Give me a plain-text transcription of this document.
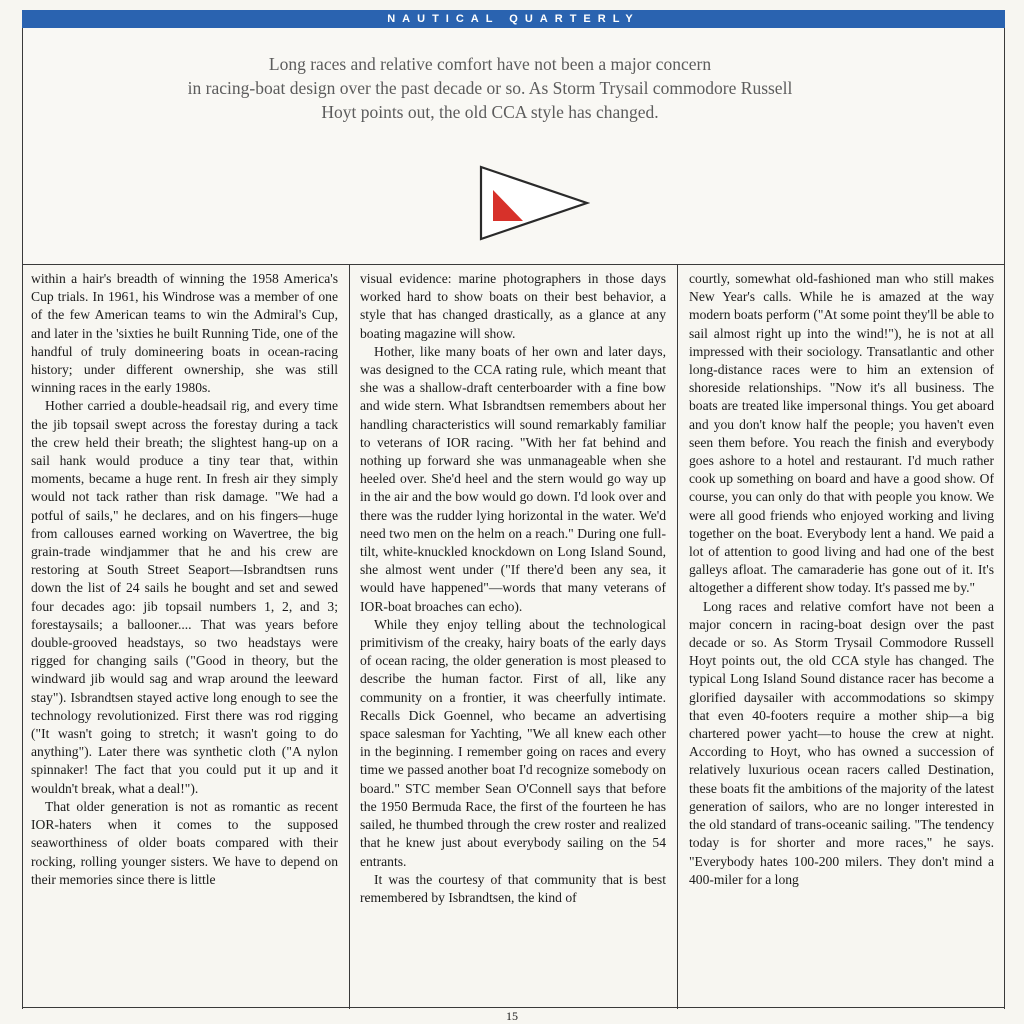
NAUTICAL QUARTERLY
Long races and relative comfort have not been a major concern
in racing-boat design over the past decade or so. As Storm Trysail commodore Russell
Hoyt points out, the old CCA style has changed.

within a hair's breadth of winning the 1958 America's Cup trials. In 1961, his Windrose was a member of one of the few American teams to win the Admiral's Cup, and later in the 'sixties he built Running Tide, one of the handful of truly domineering boats in ocean-racing history; under different ownership, she was still winning races in the early 1980s.

Hother carried a double-headsail rig, and every time the jib topsail swept across the forestay during a tack the crew held their breath; the slightest hang-up on a sail hank would produce a tiny tear that, within moments, became a huge rent. In fresh air they simply would not tack rather than risk damage. "We had a potful of sails," he declares, and on his fingers—huge from callouses earned working on Wavertree, the big grain-trade windjammer that he and his crew are restoring at South Street Seaport—Isbrandtsen runs down the list of 24 sails he bought and set and sewed four decades ago: jib topsail numbers 1, 2, and 3; forestaysails; a ballooner.... That was years before double-grooved headstays, so two headstays were rigged for changing sails ("Good in theory, but the windward jib would sag and wrap around the leeward stay"). Isbrandtsen stayed active long enough to see the technology revolutionized. First there was rod rigging ("It wasn't going to stretch; it wasn't going to do anything"). Later there was synthetic cloth ("A nylon spinnaker! The fact that you could put it up and it wouldn't break, what a deal!").

That older generation is not as romantic as recent IOR-haters when it comes to the supposed seaworthiness of older boats compared with their rocking, rolling younger sisters. We have to depend on their memories since there is little

visual evidence: marine photographers in those days worked hard to show boats on their best behavior, a style that has changed drastically, as a glance at any boating magazine will show.

Hother, like many boats of her own and later days, was designed to the CCA rating rule, which meant that she was a shallow-draft centerboarder with a fine bow and wide stern. What Isbrandtsen remembers about her handling characteristics will sound remarkably familiar to veterans of IOR racing. "With her fat behind and nothing up forward she was unmanageable when she heeled over. She'd heel and the stern would go way up in the air and the bow would go down. I'd look over and there was the rudder lying horizontal in the water. We'd need two men on the helm on a reach." During one full-tilt, white-knuckled knockdown on Long Island Sound, she almost went under ("If there'd been any sea, it would have happened"—words that many veterans of IOR-boat broaches can echo).

While they enjoy telling about the technological primitivism of the creaky, hairy boats of the early days of ocean racing, the older generation is most pleased to describe the human factor. First of all, like any community on a frontier, it was cheerfully intimate. Recalls Dick Goennel, who became an advertising space salesman for Yachting, "We all knew each other in the beginning. I remember going on races and every time we passed another boat I'd recognize somebody on board." STC member Sean O'Connell says that before the 1950 Bermuda Race, the first of the fourteen he has sailed, he thumbed through the crew roster and realized that he knew just about everybody sailing on the 54 entrants.

It was the courtesy of that community that is best remembered by Isbrandtsen, the kind of

courtly, somewhat old-fashioned man who still makes New Year's calls. While he is amazed at the way modern boats perform ("At some point they'll be able to sail almost right up into the wind!"), he is not at all impressed with their sociology. Transatlantic and other long-distance races were to him an extension of shoreside relationships. "Now it's all business. The boats are treated like impersonal things. You get aboard and you don't know half the people; you haven't even seen them before. You reach the finish and everybody goes ashore to a hotel and restaurant. I'd much rather cook up something on board and have a good show. Of course, you can only do that with people you know. We were all good friends who enjoyed working and living together on the boat. Everybody lent a hand. We paid a lot of attention to good living and had one of the best galleys afloat. The camaraderie has gone out of it. It's altogether a different show today. It's passed me by."

Long races and relative comfort have not been a major concern in racing-boat design over the past decade or so. As Storm Trysail Commodore Russell Hoyt points out, the old CCA style has changed. The typical Long Island Sound distance racer has become a glorified daysailer with accommodations so skimpy that even 40-footers require a mother ship—a big chartered power yacht—to house the crew at night. According to Hoyt, who has owned a succession of relatively luxurious ocean racers called Destination, these boats fit the ambitions of the majority of the latest generation of sailors, who are no longer interested in the old standard of trans-oceanic sailing. "The tendency today is for shorter and more races," he says. "Everybody hates 100-200 milers. They don't mind a 400-miler for a long

15
